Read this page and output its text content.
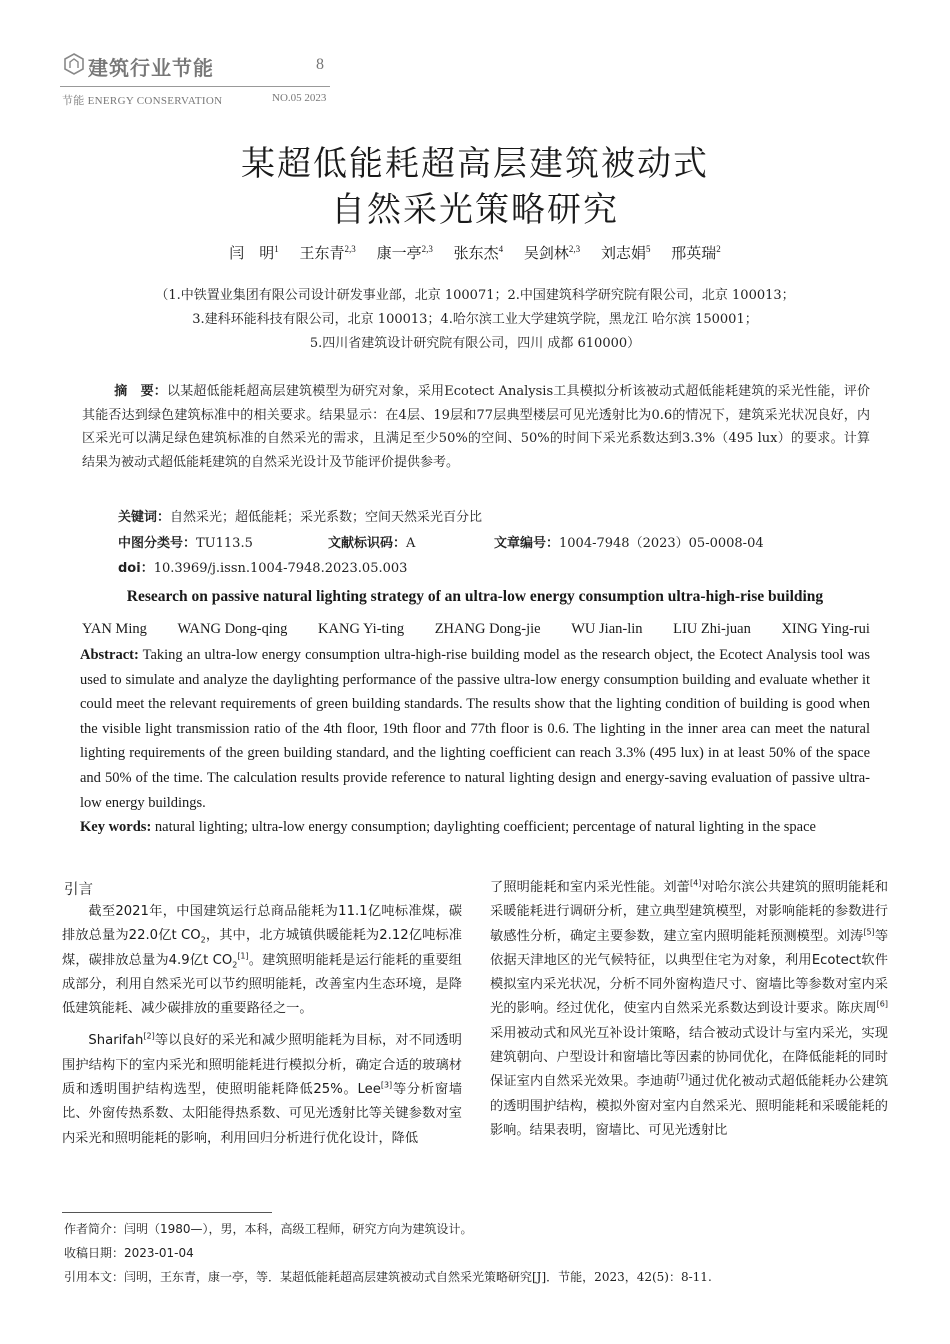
建筑行业节能	8
节能 ENERGY CONSERVATION	NO.05 2023
某超低能耗超高层建筑被动式
自然采光策略研究
闫　明$^1$ 王东青$^{2,3}$ 康一亭$^{2,3}$ 张东杰$^4$ 吴剑林$^{2,3}$ 刘志娟$^5$ 邢英瑞$^2$
（1.中铁置业集团有限公司设计研发事业部，北京 100071；2.中国建筑科学研究院有限公司，北京 100013；
3.建科环能科技有限公司，北京 100013；4.哈尔滨工业大学建筑学院，黑龙江 哈尔滨 150001；
5.四川省建筑设计研究院有限公司，四川 成都 610000）
摘　要：以某超低能耗超高层建筑模型为研究对象，采用Ecotect Analysis工具模拟分析该被动式超低能耗建筑的采光性能，评价其能否达到绿色建筑标准中的相关要求。结果显示：在4层、19层和77层典型楼层可见光透射比为0.6的情况下，建筑采光状况良好，内区采光可以满足绿色建筑标准的自然采光的需求，且满足至少50%的空间、50%的时间下采光系数达到3.3%（495 lux）的要求。计算结果为被动式超低能耗建筑的自然采光设计及节能评价提供参考。
关键词：自然采光；超低能耗；采光系数；空间天然采光百分比
中图分类号：TU113.5	文献标识码：A	文章编号：1004-7948（2023）05-0008-04
doi：10.3969/j.issn.1004-7948.2023.05.003
Research on passive natural lighting strategy of an ultra-low energy consumption ultra-high-rise building
YAN Ming WANG Dong-qing KANG Yi-ting ZHANG Dong-jie WU Jian-lin LIU Zhi-juan XING Ying-rui
Abstract: Taking an ultra-low energy consumption ultra-high-rise building model as the research object, the Ecotect Analysis tool was used to simulate and analyze the daylighting performance of the passive ultra-low energy consumption building and evaluate whether it could meet the relevant requirements of green building standards. The results show that the lighting condition of building is good when the visible light transmission ratio of the 4th floor, 19th floor and 77th floor is 0.6. The lighting in the inner area can meet the natural lighting requirements of the green building standard, and the lighting coefficient can reach 3.3% (495 lux) in at least 50% of the space and 50% of the time. The calculation results provide reference to natural lighting design and energy-saving evaluation of passive ultra-low energy buildings.
Key words: natural lighting; ultra-low energy consumption; daylighting coefficient; percentage of natural lighting in the space
引言

截至2021年，中国建筑运行总商品能耗为11.1亿吨标准煤，碳排放总量为22.0亿t $CO_2$，其中，北方城镇供暖能耗为2.12亿吨标准煤，碳排放总量为4.9亿t $CO_2[1]$。建筑照明能耗是运行能耗的重要组成部分，利用自然采光可以节约照明能耗，改善室内生态环境，是降低建筑能耗、减少碳排放的重要路径之一。

Sharifah[2]等以良好的采光和减少照明能耗为目标，对不同透明围护结构下的室内采光和照明能耗进行模拟分析，确定合适的玻璃材质和透明围护结构选型，使照明能耗降低25%。Lee[3]等分析窗墙比、外窗传热系数、太阳能得热系数、可见光透射比等关键参数对室内采光和照明能耗的影响，利用回归分析进行优化设计，降低

了照明能耗和室内采光性能。刘蕾[4]对哈尔滨公共建筑的照明能耗和采暖能耗进行调研分析，建立典型建筑模型，对影响能耗的参数进行敏感性分析，确定主要参数，建立室内照明能耗预测模型。刘涛[5]等依据天津地区的光气候特征，以典型住宅为对象，利用Ecotect软件模拟室内采光状况，分析不同外窗构造尺寸、窗墙比等参数对室内采光的影响。经过优化，使室内自然采光系数达到设计要求。陈庆周[6]采用被动式和风光互补设计策略，结合被动式设计与室内采光，实现建筑朝向、户型设计和窗墙比等因素的协同优化，在降低能耗的同时保证室内自然采光效果。李迪萌[7]通过优化被动式超低能耗办公建筑的透明围护结构，模拟外窗对室内自然采光、照明能耗和采暖能耗的影响。结果表明，窗墙比、可见光透射比

作者简介：闫明（1980—），男，本科，高级工程师，研究方向为建筑设计。
收稿日期：2023-01-04
引用本文：闫明，王东青，康一亭，等．某超低能耗超高层建筑被动式自然采光策略研究[J]．节能，2023，42(5)：8-11.
